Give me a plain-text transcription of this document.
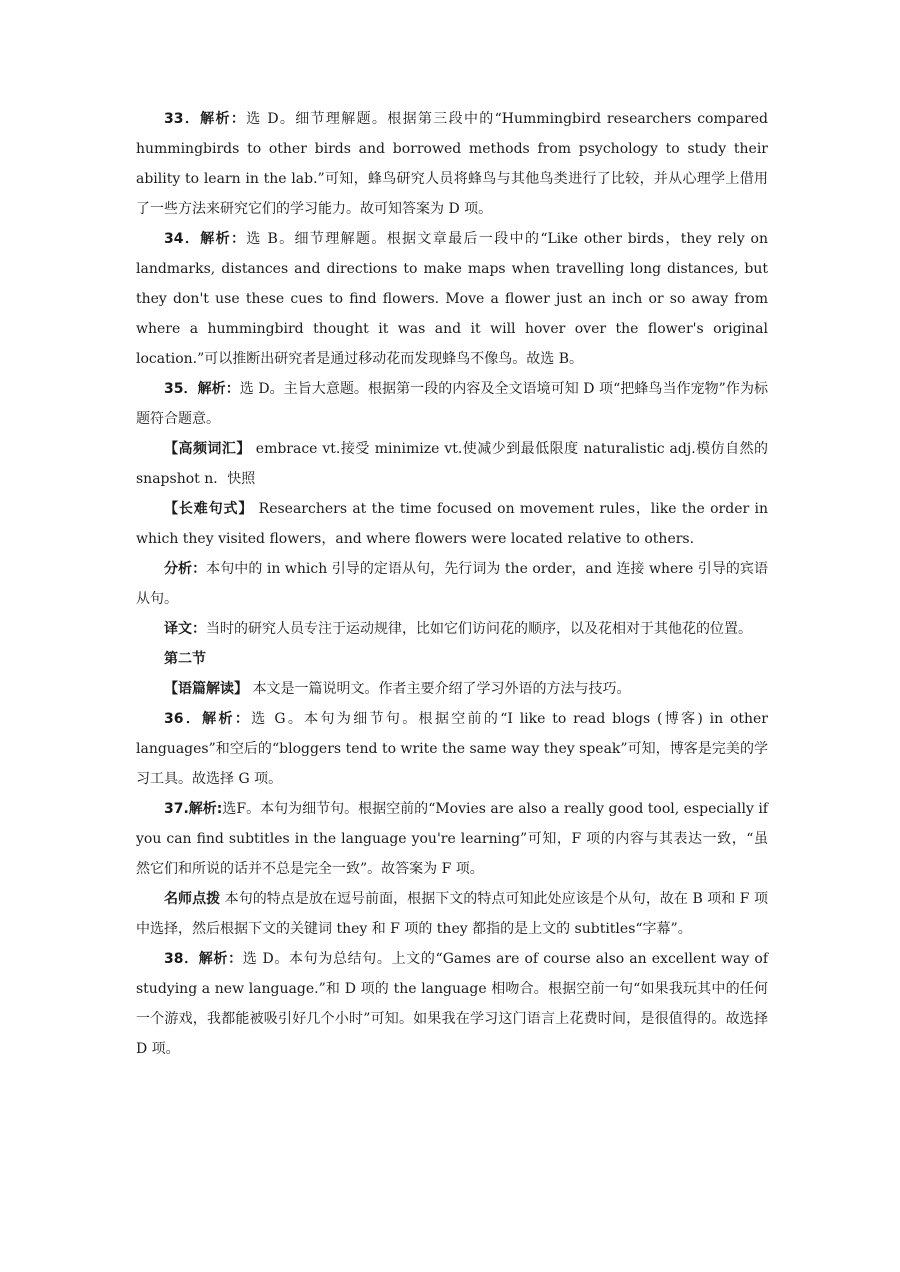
33．解析：选 D。细节理解题。根据第三段中的“Hummingbird researchers compared hummingbirds to other birds and borrowed methods from psychology to study their ability to learn in the lab.”可知，蜂鸟研究人员将蜂鸟与其他鸟类进行了比较，并从心理学上借用了一些方法来研究它们的学习能力。故可知答案为 D 项。

34．解析：选 B。细节理解题。根据文章最后一段中的“Like other birds，they rely on landmarks, distances and directions to make maps when travelling long distances, but they don't use these cues to find flowers. Move a flower just an inch or so away from where a hummingbird thought it was and it will hover over the flower's original location.”可以推断出研究者是通过移动花而发现蜂鸟不像鸟。故选 B。

35．解析：选 D。主旨大意题。根据第一段的内容及全文语境可知 D 项“把蜂鸟当作宠物”作为标题符合题意。

【高频词汇】 embrace vt.接受 minimize vt.使减少到最低限度 naturalistic adj.模仿自然的 snapshot n．快照

【长难句式】 Researchers at the time focused on movement rules，like the order in which they visited flowers，and where flowers were located relative to others.

分析：本句中的 in which 引导的定语从句，先行词为 the order，and 连接 where 引导的宾语从句。

译文：当时的研究人员专注于运动规律，比如它们访问花的顺序，以及花相对于其他花的位置。

第二节

【语篇解读】 本文是一篇说明文。作者主要介绍了学习外语的方法与技巧。

36．解析：选 G。本句为细节句。根据空前的“I like to read blogs (博客) in other languages”和空后的“bloggers tend to write the same way they speak”可知，博客是完美的学习工具。故选择 G 项。

37.解析:选F。本句为细节句。根据空前的“Movies are also a really good tool, especially if you can find subtitles in the language you're learning”可知，F 项的内容与其表达一致，“虽然它们和所说的话并不总是完全一致”。故答案为 F 项。

名师点拨 本句的特点是放在逗号前面，根据下文的特点可知此处应该是个从句，故在 B 项和 F 项中选择，然后根据下文的关键词 they 和 F 项的 they 都指的是上文的 subtitles“字幕”。

38．解析：选 D。本句为总结句。上文的“Games are of course also an excellent way of studying a new language.”和 D 项的 the language 相吻合。根据空前一句“如果我玩其中的任何一个游戏，我都能被吸引好几个小时”可知。如果我在学习这门语言上花费时间，是很值得的。故选择 D 项。
